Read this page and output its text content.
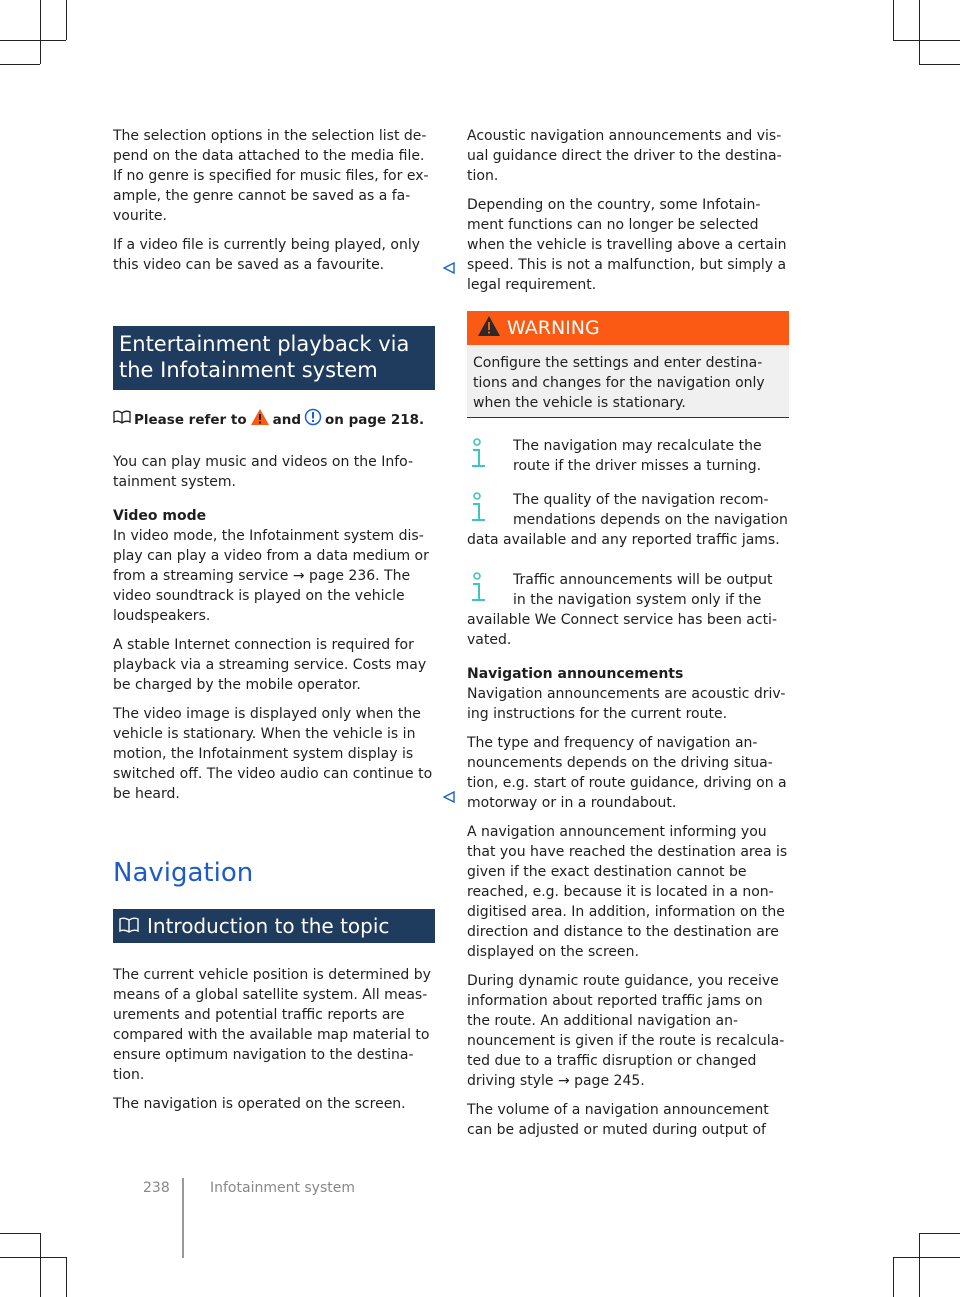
The selection options in the selection list de-pend on the data attached to the media file. If no genre is specified for music files, for ex-ample, the genre cannot be saved as a fa-vourite.

If a video file is currently being played, only this video can be saved as a favourite.

Entertainment playback via the Infotainment system
Please refer to and on page 218.

You can play music and videos on the Info-tainment system.

Video mode

In video mode, the Infotainment system dis-play can play a video from a data medium or from a streaming service → page 236. The video soundtrack is played on the vehicle loudspeakers.

A stable Internet connection is required for playback via a streaming service. Costs may be charged by the mobile operator.

The video image is displayed only when the vehicle is stationary. When the vehicle is in motion, the Infotainment system display is switched off. The video audio can continue to be heard.

Navigation
Introduction to the topic

The current vehicle position is determined by means of a global satellite system. All meas-urements and potential traffic reports are compared with the available map material to ensure optimum navigation to the destina-tion.

The navigation is operated on the screen.

Acoustic navigation announcements and vis-ual guidance direct the driver to the destina-tion.

Depending on the country, some Infotain-ment functions can no longer be selected when the vehicle is travelling above a certain speed. This is not a malfunction, but simply a legal requirement.

WARNING

Configure the settings and enter destina-tions and changes for the navigation only when the vehicle is stationary.

The navigation may recalculate the route if the driver misses a turning.
The quality of the navigation recom-mendations depends on the navigation
data available and any reported traffic jams.
Traffic announcements will be output in the navigation system only if the
available We Connect service has been acti-vated.

Navigation announcements

Navigation announcements are acoustic driv-ing instructions for the current route.

The type and frequency of navigation an-nouncements depends on the driving situa-tion, e.g. start of route guidance, driving on a motorway or in a roundabout.

A navigation announcement informing you that you have reached the destination area is given if the exact destination cannot be reached, e.g. because it is located in a non-digitised area. In addition, information on the direction and distance to the destination are displayed on the screen.

During dynamic route guidance, you receive information about reported traffic jams on the route. An additional navigation an-nouncement is given if the route is recalcula-ted due to a traffic disruption or changed driving style → page 245.

The volume of a navigation announcement can be adjusted or muted during output of

238	Infotainment system
